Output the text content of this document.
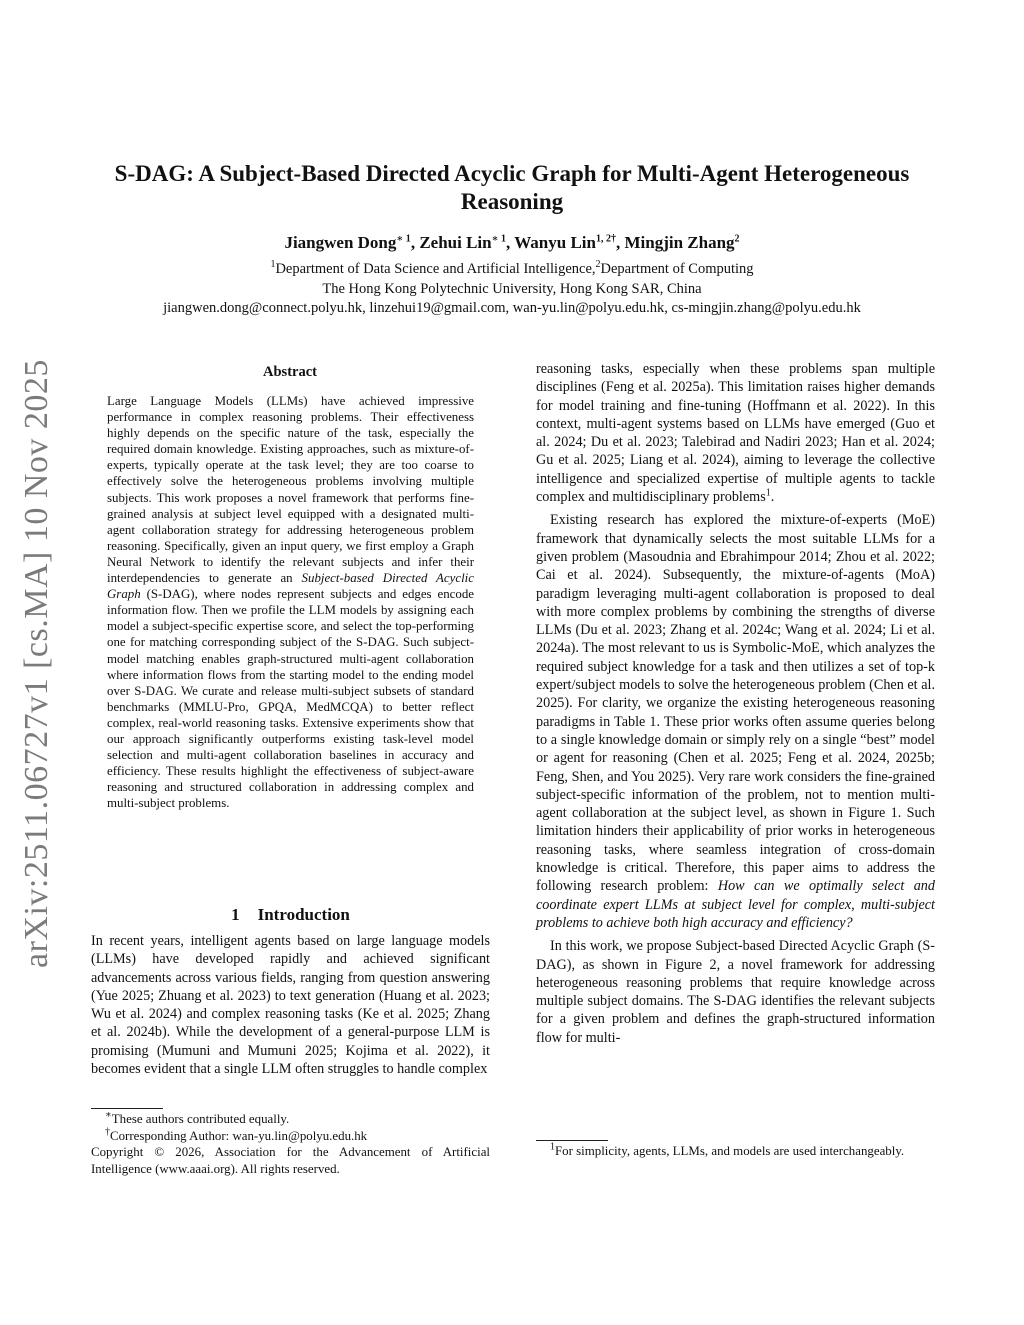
arXiv:2511.06727v1 [cs.MA] 10 Nov 2025
S-DAG: A Subject-Based Directed Acyclic Graph for Multi-Agent Heterogeneous Reasoning
Jiangwen Dong$^{∗ 1}$, Zehui Lin$^{∗ 1}$, Wanyu Lin$^{1, 2\dagger}$, Mingjin Zhang$^2$
$^1$Department of Data Science and Artificial Intelligence,$^2$Department of Computing
The Hong Kong Polytechnic University, Hong Kong SAR, China
jiangwen.dong@connect.polyu.hk, linzehui19@gmail.com, wan-yu.lin@polyu.edu.hk, cs-mingjin.zhang@polyu.edu.hk
Abstract
Large Language Models (LLMs) have achieved impressive performance in complex reasoning problems. Their effectiveness highly depends on the specific nature of the task, especially the required domain knowledge. Existing approaches, such as mixture-of-experts, typically operate at the task level; they are too coarse to effectively solve the heterogeneous problems involving multiple subjects. This work proposes a novel framework that performs fine-grained analysis at subject level equipped with a designated multi-agent collaboration strategy for addressing heterogeneous problem reasoning. Specifically, given an input query, we first employ a Graph Neural Network to identify the relevant subjects and infer their interdependencies to generate an Subject-based Directed Acyclic Graph (S-DAG), where nodes represent subjects and edges encode information flow. Then we profile the LLM models by assigning each model a subject-specific expertise score, and select the top-performing one for matching corresponding subject of the S-DAG. Such subject-model matching enables graph-structured multi-agent collaboration where information flows from the starting model to the ending model over S-DAG. We curate and release multi-subject subsets of standard benchmarks (MMLU-Pro, GPQA, MedMCQA) to better reflect complex, real-world reasoning tasks. Extensive experiments show that our approach significantly outperforms existing task-level model selection and multi-agent collaboration baselines in accuracy and efficiency. These results highlight the effectiveness of subject-aware reasoning and structured collaboration in addressing complex and multi-subject problems.
1 Introduction

In recent years, intelligent agents based on large language models (LLMs) have developed rapidly and achieved significant advancements across various fields, ranging from question answering (Yue 2025; Zhuang et al. 2023) to text generation (Huang et al. 2023; Wu et al. 2024) and complex reasoning tasks (Ke et al. 2025; Zhang et al. 2024b). While the development of a general-purpose LLM is promising (Mumuni and Mumuni 2025; Kojima et al. 2022), it becomes evident that a single LLM often struggles to handle complex

∗These authors contributed equally.
†Corresponding Author: wan-yu.lin@polyu.edu.hk
Copyright © 2026, Association for the Advancement of Artificial Intelligence (www.aaai.org). All rights reserved.

reasoning tasks, especially when these problems span multiple disciplines (Feng et al. 2025a). This limitation raises higher demands for model training and fine-tuning (Hoffmann et al. 2022). In this context, multi-agent systems based on LLMs have emerged (Guo et al. 2024; Du et al. 2023; Talebirad and Nadiri 2023; Han et al. 2024; Gu et al. 2025; Liang et al. 2024), aiming to leverage the collective intelligence and specialized expertise of multiple agents to tackle complex and multidisciplinary problems$^1$.

Existing research has explored the mixture-of-experts (MoE) framework that dynamically selects the most suitable LLMs for a given problem (Masoudnia and Ebrahimpour 2014; Zhou et al. 2022; Cai et al. 2024). Subsequently, the mixture-of-agents (MoA) paradigm leveraging multi-agent collaboration is proposed to deal with more complex problems by combining the strengths of diverse LLMs (Du et al. 2023; Zhang et al. 2024c; Wang et al. 2024; Li et al. 2024a). The most relevant to us is Symbolic-MoE, which analyzes the required subject knowledge for a task and then utilizes a set of top-k expert/subject models to solve the heterogeneous problem (Chen et al. 2025). For clarity, we organize the existing heterogeneous reasoning paradigms in Table 1. These prior works often assume queries belong to a single knowledge domain or simply rely on a single “best” model or agent for reasoning (Chen et al. 2025; Feng et al. 2024, 2025b; Feng, Shen, and You 2025). Very rare work considers the fine-grained subject-specific information of the problem, not to mention multi-agent collaboration at the subject level, as shown in Figure 1. Such limitation hinders their applicability of prior works in heterogeneous reasoning tasks, where seamless integration of cross-domain knowledge is critical. Therefore, this paper aims to address the following research problem: How can we optimally select and coordinate expert LLMs at subject level for complex, multi-subject problems to achieve both high accuracy and efficiency?

In this work, we propose Subject-based Directed Acyclic Graph (S-DAG), as shown in Figure 2, a novel framework for addressing heterogeneous reasoning problems that require knowledge across multiple subject domains. The S-DAG identifies the relevant subjects for a given problem and defines the graph-structured information flow for multi-

$^1$For simplicity, agents, LLMs, and models are used interchangeably.
